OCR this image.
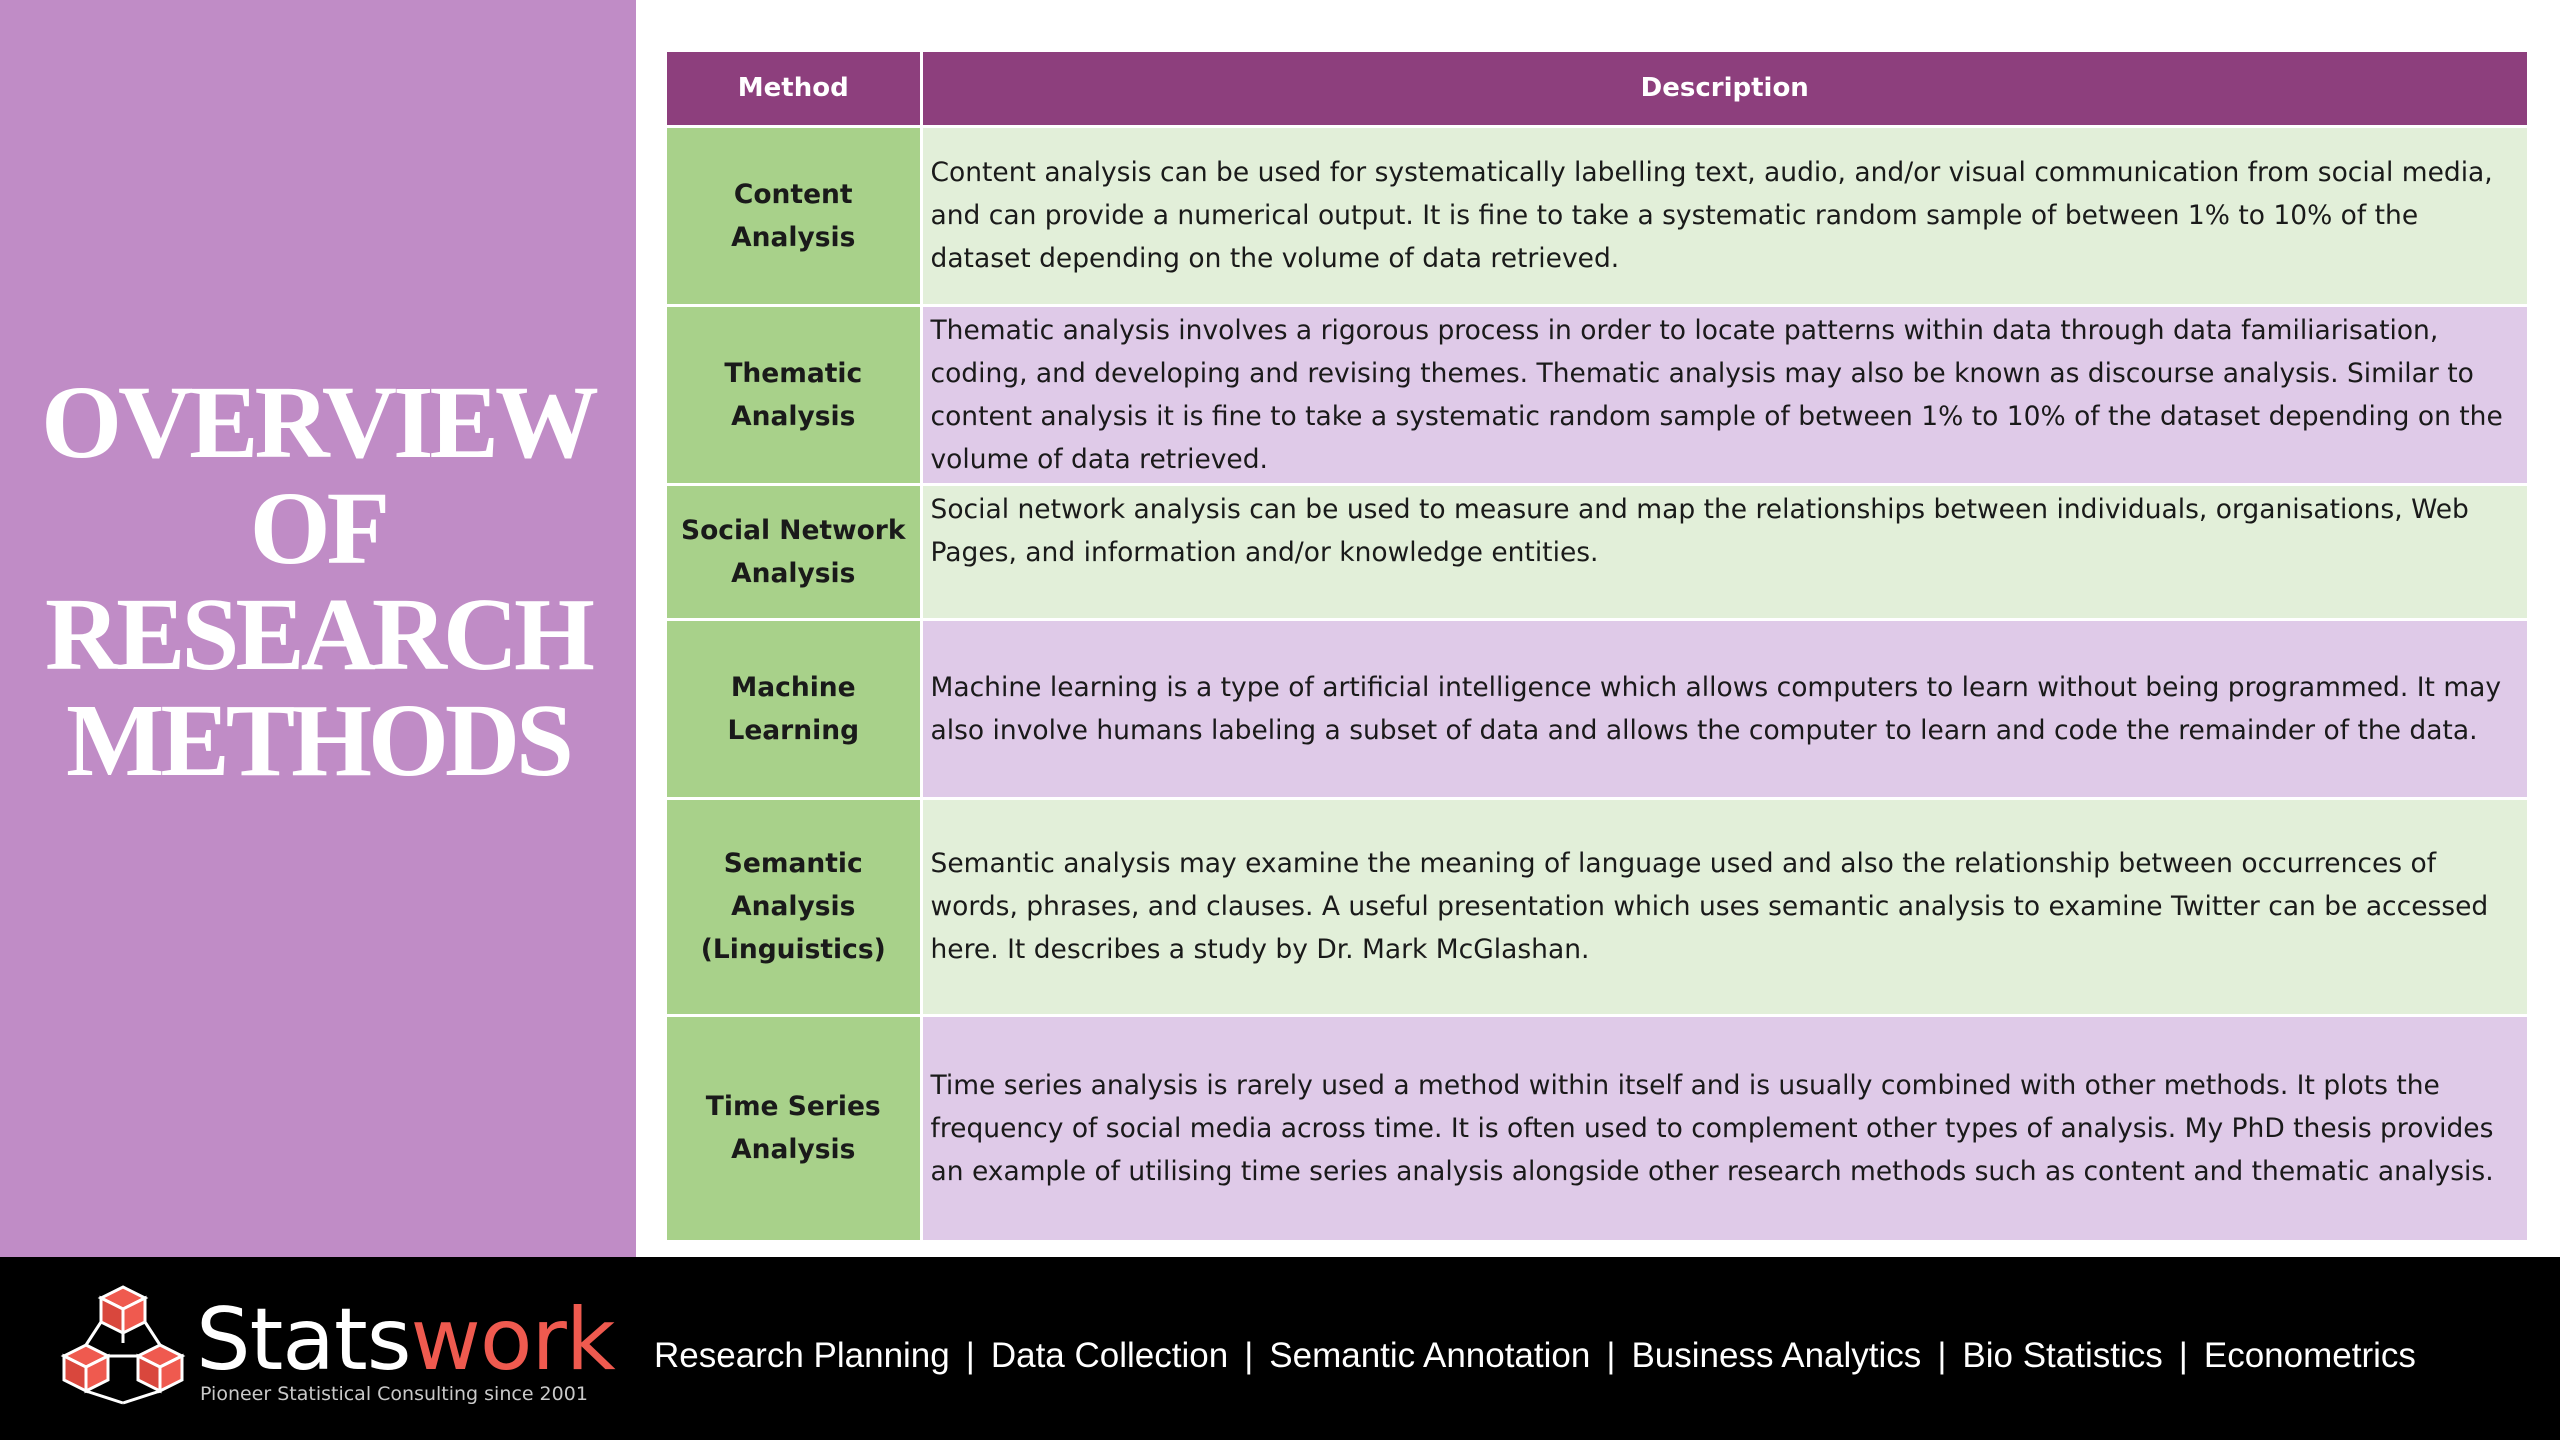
OVERVIEW
OF
RESEARCH
METHODS
Method	Description
Content Analysis	Content analysis can be used for systematically labelling text, audio, and/or visual communication from social media, and can provide a numerical output. It is fine to take a systematic random sample of between 1% to 10% of the dataset depending on the volume of data retrieved.
Thematic Analysis	Thematic analysis involves a rigorous process in order to locate patterns within data through data familiarisation, coding, and developing and revising themes. Thematic analysis may also be known as discourse analysis. Similar to content analysis it is fine to take a systematic random sample of between 1% to 10% of the dataset depending on the volume of data retrieved.
Social Network
Analysis	Social network analysis can be used to measure and map the relationships between individuals, organisations, Web Pages, and information and/or knowledge entities.
Machine Learning	Machine learning is a type of artificial intelligence which allows computers to learn without being programmed. It may also involve humans labeling a subset of data and allows the computer to learn and code the remainder of the data.
Semantic Analysis
(Linguistics)	Semantic analysis may examine the meaning of language used and also the relationship between occurrences of words, phrases, and clauses. A useful presentation which uses semantic analysis to examine Twitter can be accessed here. It describes a study by Dr. Mark McGlashan.
Time Series
Analysis	Time series analysis is rarely used a method within itself and is usually combined with other methods. It plots the frequency of social media across time. It is often used to complement other types of analysis. My PhD thesis provides an example of utilising time series analysis alongside other research methods such as content and thematic analysis.
Statswork
Pioneer Statistical Consulting since 2001
Research Planning | Data Collection | Semantic Annotation | Business Analytics | Bio Statistics | Econometrics
